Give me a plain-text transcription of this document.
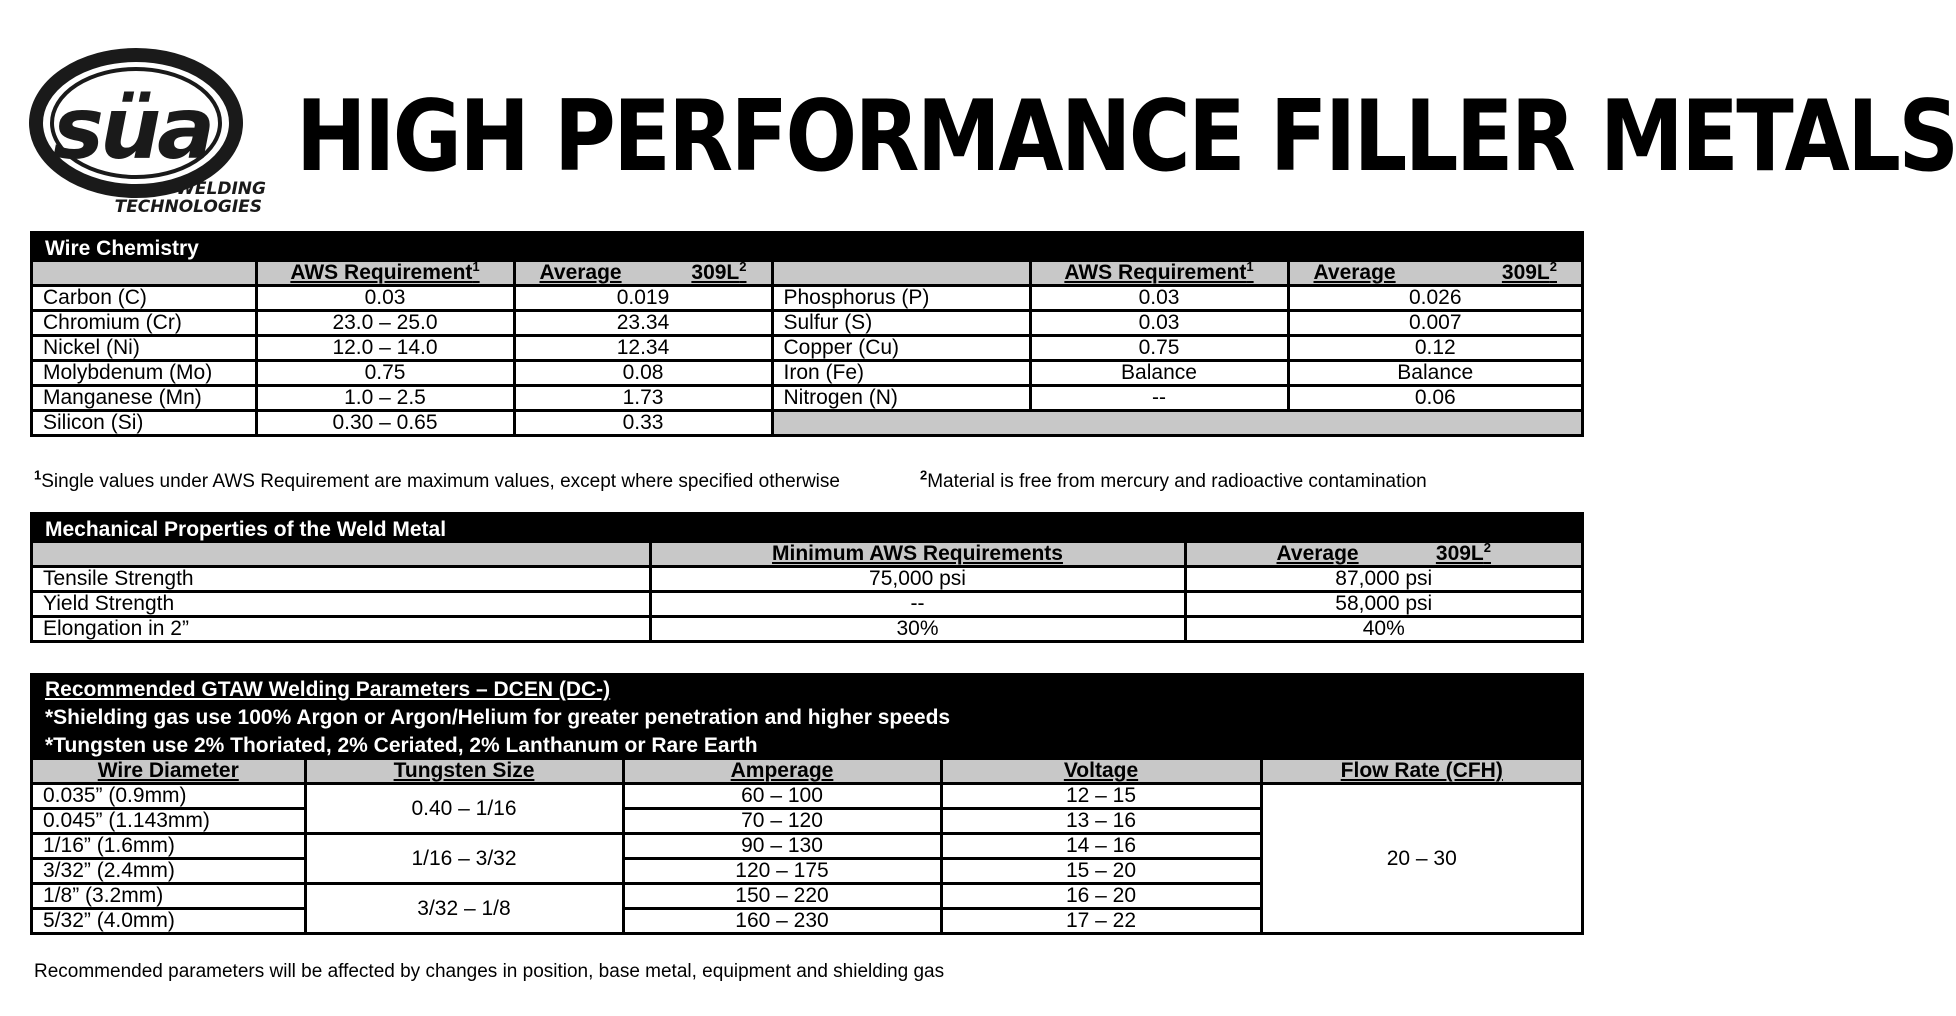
süa
WELDING
TECHNOLOGIES
HIGH PERFORMANCE FILLER METALS
Wire Chemistry
	AWS Requirement$^1$	Average $309L^2$		AWS Requirement$^1$	Average $309L^2$

Carbon (C)	0.03	0.019	Phosphorus (P)	0.03	0.026
Chromium (Cr)	23.0 – 25.0	23.34	Sulfur (S)	0.03	0.007
Nickel (Ni)	12.0 – 14.0	12.34	Copper (Cu)	0.75	0.12
Molybdenum (Mo)	0.75	0.08	Iron (Fe)	Balance	Balance
Manganese (Mn)	1.0 – 2.5	1.73	Nitrogen (N)	--	0.06
Silicon (Si)	0.30 – 0.65	0.33			
$^1$Single values under AWS Requirement are maximum values, except where specified otherwise	$^2$Material is free from mercury and radioactive contamination
Mechanical Properties of the Weld Metal
	Minimum AWS Requirements	Average $309L^2$

Tensile Strength	75,000 psi	87,000 psi
Yield Strength	--	58,000 psi
Elongation in 2”	30%	40%
Recommended GTAW Welding Parameters – DCEN (DC-)
*Shielding gas use 100% Argon or Argon/Helium for greater penetration and higher speeds
*Tungsten use 2% Thoriated, 2% Ceriated, 2% Lanthanum or Rare Earth
Wire Diameter	Tungsten Size	Amperage	Voltage	Flow Rate (CFH)
0.035” (0.9mm)	0.40 – 1/16	60 – 100	12 – 15	20 – 30
0.045” (1.143mm)		70 – 120	13 – 16	
1/16” (1.6mm)	1/16 – 3/32	90 – 130	14 – 16	
3/32” (2.4mm)		120 – 175	15 – 20	
1/8” (3.2mm)	3/32 – 1/8	150 – 220	16 – 20	
5/32” (4.0mm)		160 – 230	17 – 22	
Recommended parameters will be affected by changes in position, base metal, equipment and shielding gas
